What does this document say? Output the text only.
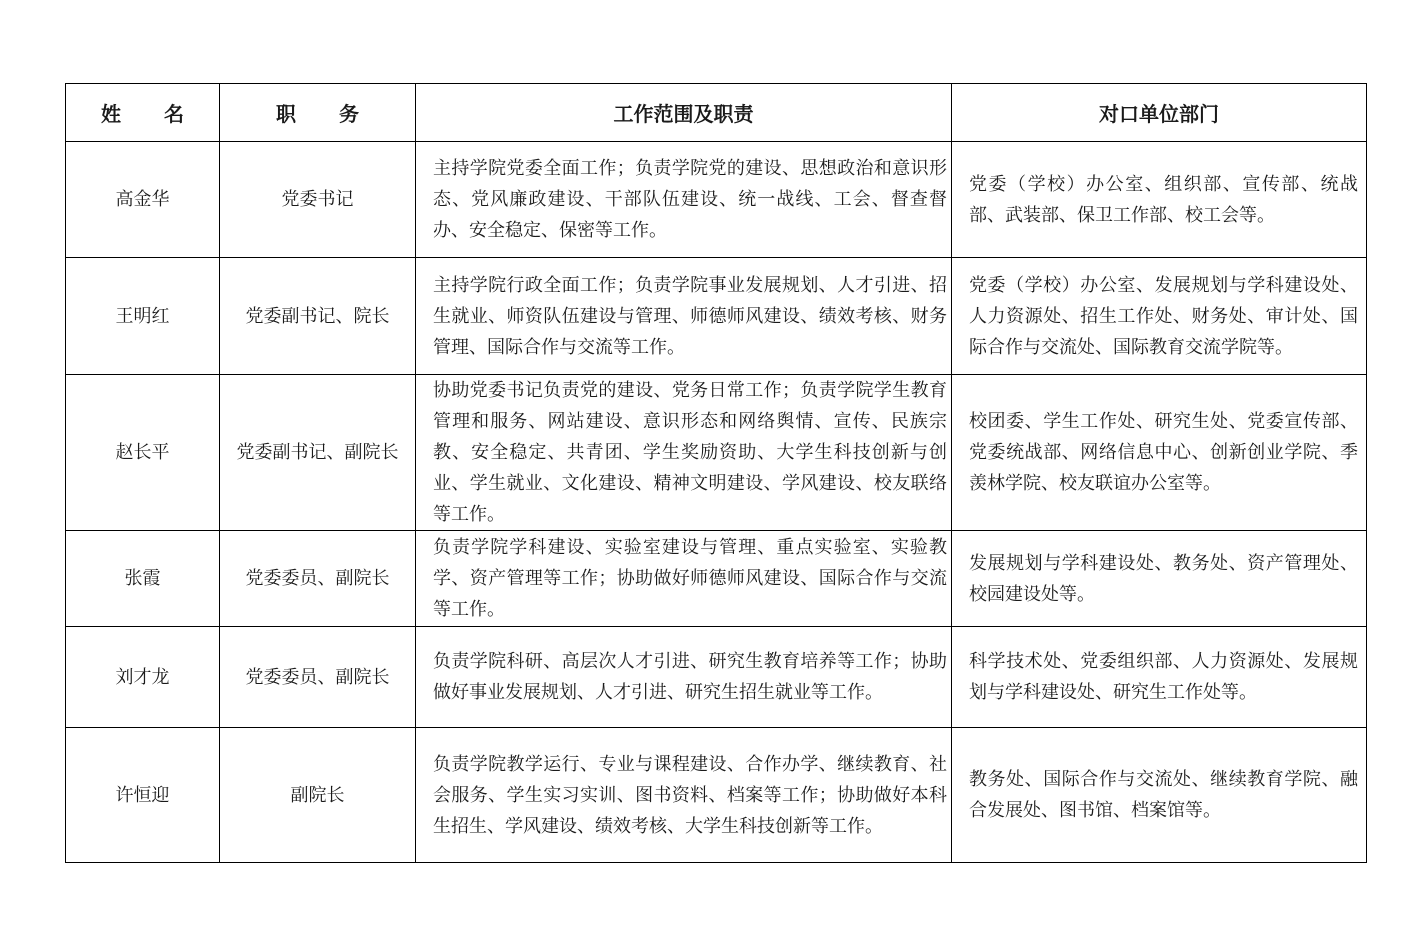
姓 名	职 务	工作范围及职责	对口单位部门
高金华	党委书记	主持学院党委全面工作；负责学院党的建设、思想政治和意识形态、党风廉政建设、干部队伍建设、统一战线、工会、督查督办、安全稳定、保密等工作。	党委（学校）办公室、组织部、宣传部、统战部、武装部、保卫工作部、校工会等。
王明红	党委副书记、院长	主持学院行政全面工作；负责学院事业发展规划、人才引进、招生就业、师资队伍建设与管理、师德师风建设、绩效考核、财务管理、国际合作与交流等工作。	党委（学校）办公室、发展规划与学科建设处、人力资源处、招生工作处、财务处、审计处、国际合作与交流处、国际教育交流学院等。
赵长平	党委副书记、副院长	协助党委书记负责党的建设、党务日常工作；负责学院学生教育管理和服务、网站建设、意识形态和网络舆情、宣传、民族宗教、安全稳定、共青团、学生奖励资助、大学生科技创新与创业、学生就业、文化建设、精神文明建设、学风建设、校友联络等工作。	校团委、学生工作处、研究生处、党委宣传部、党委统战部、网络信息中心、创新创业学院、季羡林学院、校友联谊办公室等。
张霞	党委委员、副院长	负责学院学科建设、实验室建设与管理、重点实验室、实验教学、资产管理等工作；协助做好师德师风建设、国际合作与交流等工作。	发展规划与学科建设处、教务处、资产管理处、校园建设处等。
刘才龙	党委委员、副院长	负责学院科研、高层次人才引进、研究生教育培养等工作；协助做好事业发展规划、人才引进、研究生招生就业等工作。	科学技术处、党委组织部、人力资源处、发展规划与学科建设处、研究生工作处等。
许恒迎	副院长	负责学院教学运行、专业与课程建设、合作办学、继续教育、社会服务、学生实习实训、图书资料、档案等工作；协助做好本科生招生、学风建设、绩效考核、大学生科技创新等工作。	教务处、国际合作与交流处、继续教育学院、融合发展处、图书馆、档案馆等。
